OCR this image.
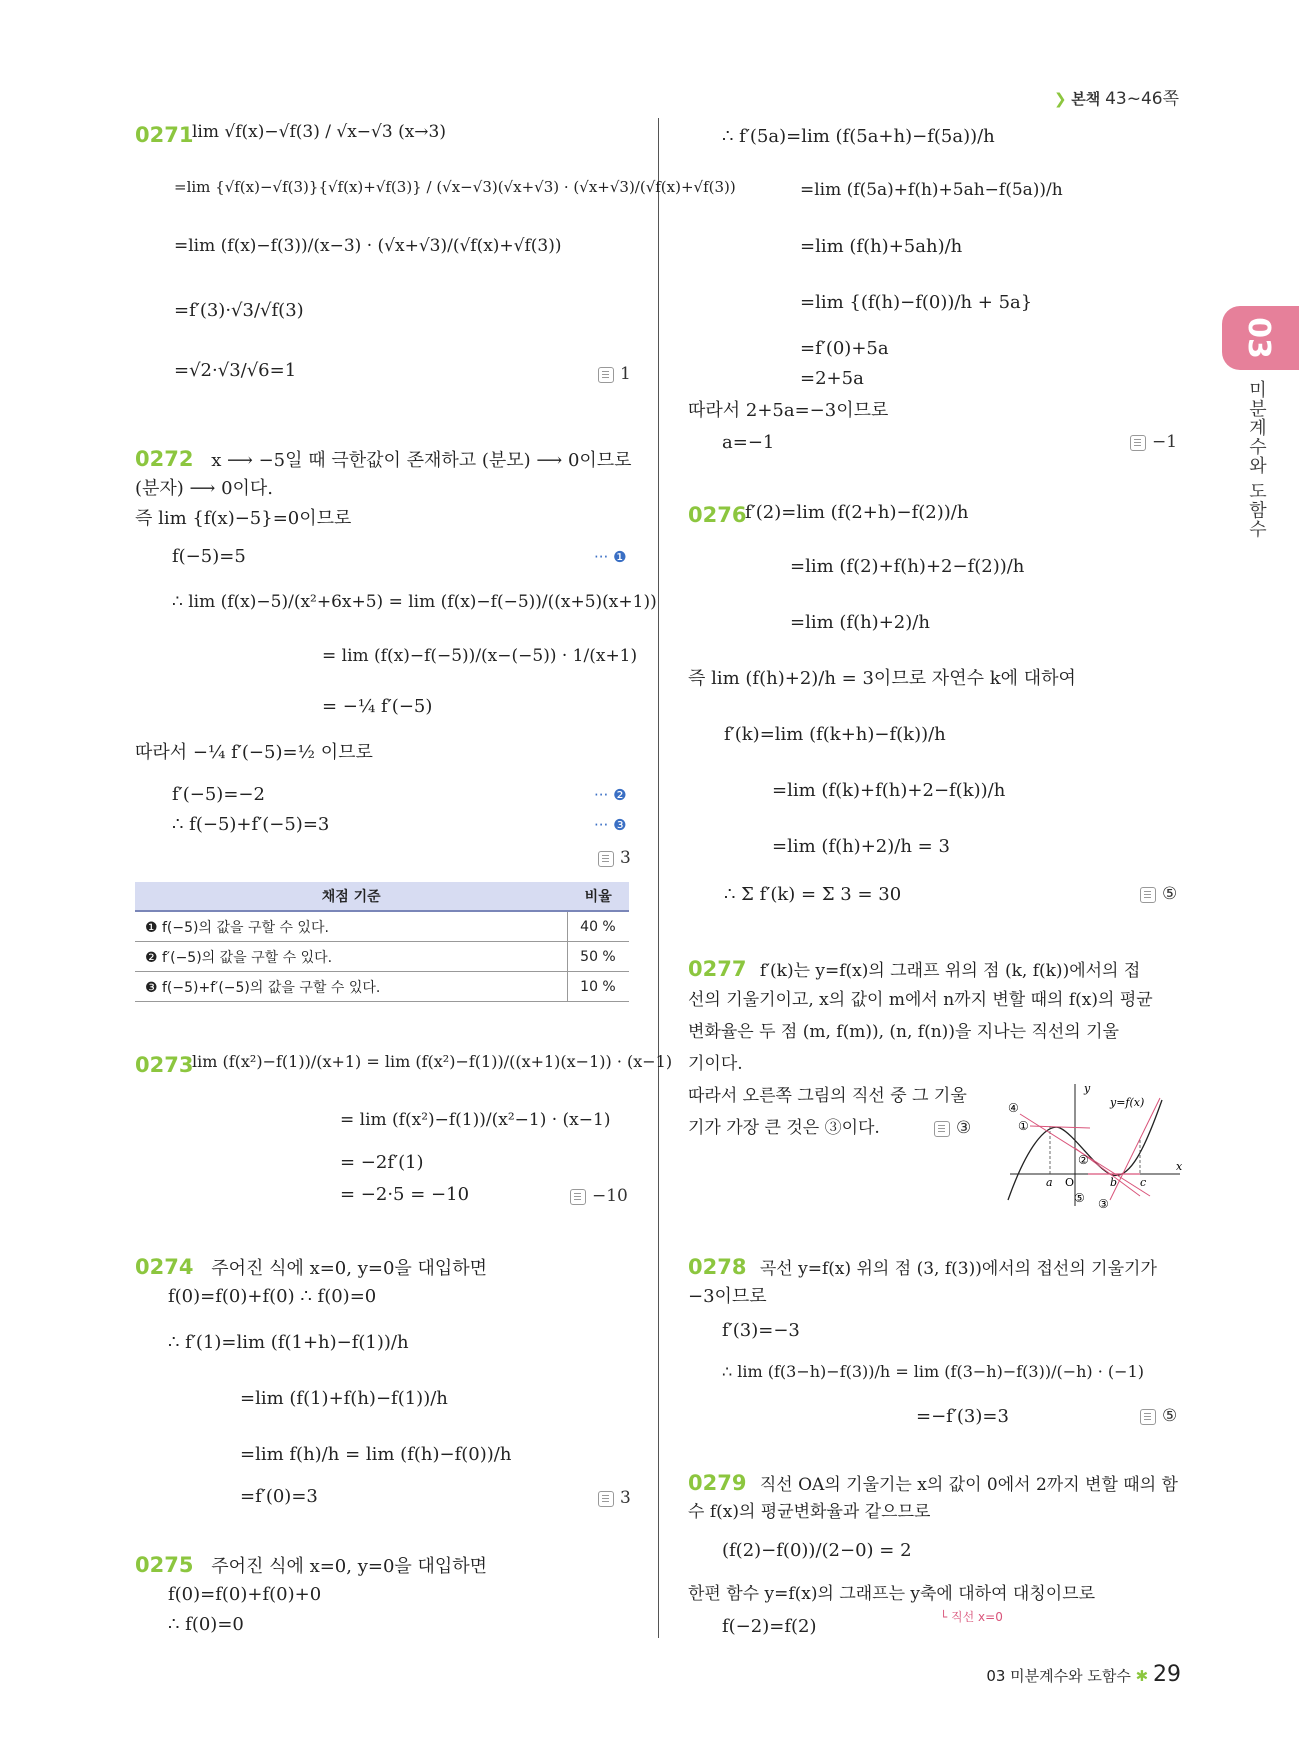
❯ 본책 43~46쪽
03
미분계수와 도함수
0271
lim √f(x)−√f(3) / √x−√3 (x→3)
=lim {√f(x)−√f(3)}{√f(x)+√f(3)} / (√x−√3)(√x+√3) · (√x+√3)/(√f(x)+√f(3))
=lim (f(x)−f(3))/(x−3) · (√x+√3)/(√f(x)+√f(3))
=f′(3)·√3/√f(3)
=√2·√3/√6=1	1
0272 x ⟶ −5일 때 극한값이 존재하고 (분모) ⟶ 0이므로
(분자) ⟶ 0이다.
즉 lim {f(x)−5}=0이므로
f(−5)=5	··· ❶
∴ lim (f(x)−5)/(x²+6x+5) = lim (f(x)−f(−5))/((x+5)(x+1))
= lim (f(x)−f(−5))/(x−(−5)) · 1/(x+1)
= −¼ f′(−5)
따라서 −¼ f′(−5)=½ 이므로
f′(−5)=−2	··· ❷
∴ f(−5)+f′(−5)=3	··· ❸
3
채점 기준	비율
❶ f(−5)의 값을 구할 수 있다.	40 %
❷ f′(−5)의 값을 구할 수 있다.	50 %
❸ f(−5)+f′(−5)의 값을 구할 수 있다.	10 %
0273
lim (f(x²)−f(1))/(x+1) = lim (f(x²)−f(1))/((x+1)(x−1)) · (x−1)
= lim (f(x²)−f(1))/(x²−1) · (x−1)
= −2f′(1)
= −2·5 = −10	−10
0274 주어진 식에 x=0, y=0을 대입하면
f(0)=f(0)+f(0) ∴ f(0)=0
∴ f′(1)=lim (f(1+h)−f(1))/h
=lim (f(1)+f(h)−f(1))/h
=lim f(h)/h = lim (f(h)−f(0))/h
=f′(0)=3	3
0275 주어진 식에 x=0, y=0을 대입하면
f(0)=f(0)+f(0)+0
∴ f(0)=0
∴ f′(5a)=lim (f(5a+h)−f(5a))/h
=lim (f(5a)+f(h)+5ah−f(5a))/h
=lim (f(h)+5ah)/h
=lim {(f(h)−f(0))/h + 5a}
=f′(0)+5a
=2+5a
따라서 2+5a=−3이므로
a=−1	−1
0276
f′(2)=lim (f(2+h)−f(2))/h
=lim (f(2)+f(h)+2−f(2))/h
=lim (f(h)+2)/h
즉 lim (f(h)+2)/h = 3이므로 자연수 k에 대하여
f′(k)=lim (f(k+h)−f(k))/h
=lim (f(k)+f(h)+2−f(k))/h
=lim (f(h)+2)/h = 3
∴ Σ f′(k) = Σ 3 = 30	⑤
0277 f′(k)는 y=f(x)의 그래프 위의 점 (k, f(k))에서의 접
선의 기울기이고, x의 값이 m에서 n까지 변할 때의 f(x)의 평균
변화율은 두 점 (m, f(m)), (n, f(n))을 지나는 직선의 기울
기이다.
따라서 오른쪽 그림의 직선 중 그 기울
기가 가장 큰 것은 ③이다.	③
y
x
y=f(x)
O
a	b c
④
①
②
③
⑤
0278 곡선 y=f(x) 위의 점 (3, f(3))에서의 접선의 기울기가
−3이므로
f′(3)=−3
∴ lim (f(3−h)−f(3))/h = lim (f(3−h)−f(3))/(−h) · (−1)
=−f′(3)=3	⑤
0279 직선 OA의 기울기는 x의 값이 0에서 2까지 변할 때의 함
수 f(x)의 평균변화율과 같으므로
(f(2)−f(0))/(2−0) = 2
한편 함수 y=f(x)의 그래프는 y축에 대하여 대칭이므로
└ 직선 x=0
f(−2)=f(2)
03 미분계수와 도함수 ✱ 29
